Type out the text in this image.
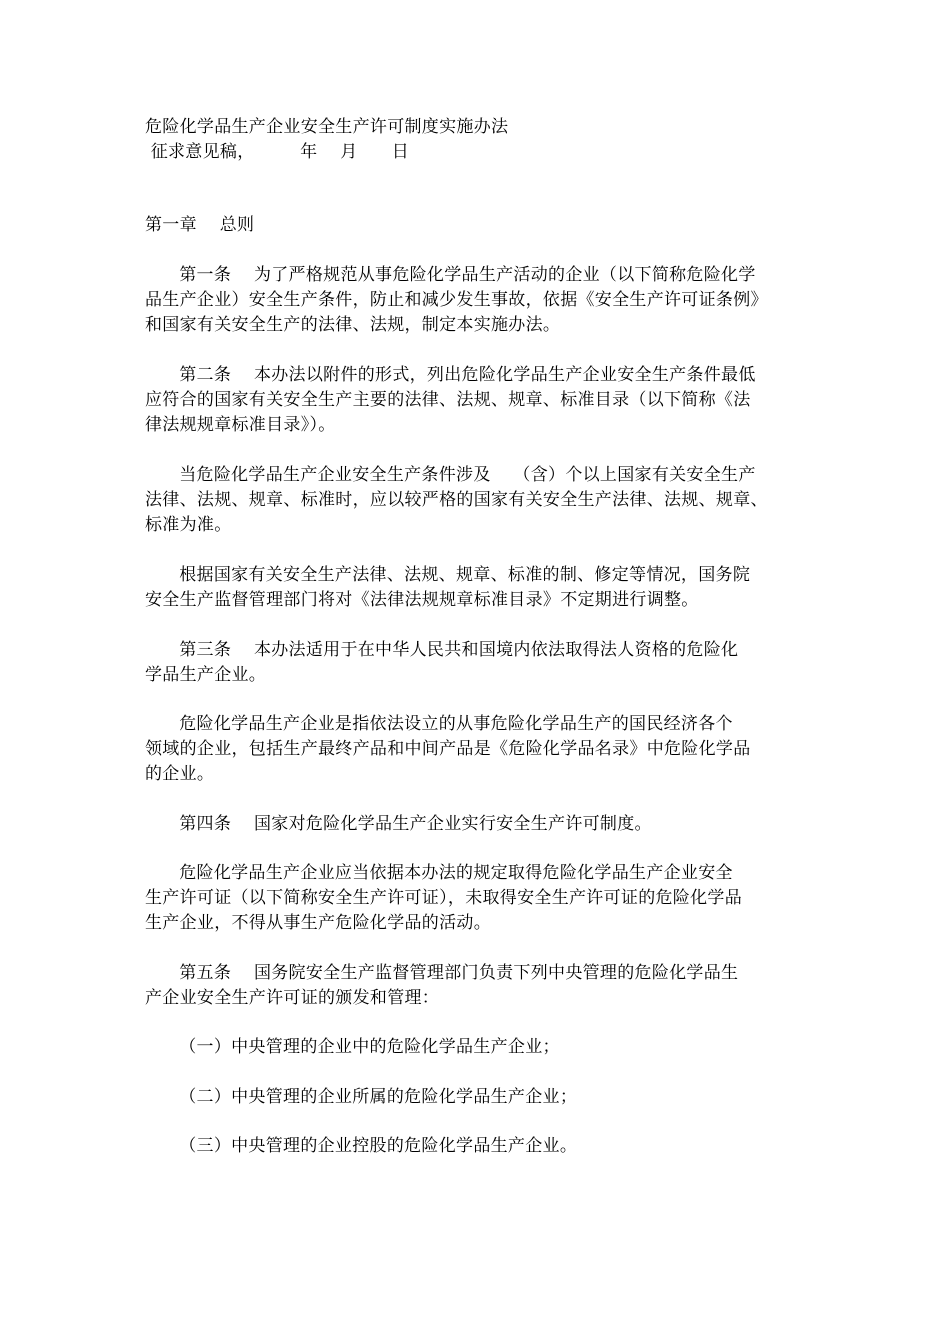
危险化学品生产企业安全生产许可制度实施办法
征求意见稿，        年    月      日
第一章    总则
第一条    为了严格规范从事危险化学品生产活动的企业（以下简称危险化学
品生产企业）安全生产条件，防止和减少发生事故，依据《安全生产许可证条例》
和国家有关安全生产的法律、法规，制定本实施办法。
第二条    本办法以附件的形式，列出危险化学品生产企业安全生产条件最低
应符合的国家有关安全生产主要的法律、法规、规章、标准目录（以下简称《法
律法规规章标准目录》）。
当危险化学品生产企业安全生产条件涉及    （含）个以上国家有关安全生产
法律、法规、规章、标准时，应以较严格的国家有关安全生产法律、法规、规章、
标准为准。
根据国家有关安全生产法律、法规、规章、标准的制、修定等情况，国务院
安全生产监督管理部门将对《法律法规规章标准目录》不定期进行调整。
第三条    本办法适用于在中华人民共和国境内依法取得法人资格的危险化
学品生产企业。
危险化学品生产企业是指依法设立的从事危险化学品生产的国民经济各个
领域的企业，包括生产最终产品和中间产品是《危险化学品名录》中危险化学品
的企业。
第四条    国家对危险化学品生产企业实行安全生产许可制度。
危险化学品生产企业应当依据本办法的规定取得危险化学品生产企业安全
生产许可证（以下简称安全生产许可证），未取得安全生产许可证的危险化学品
生产企业，不得从事生产危险化学品的活动。
第五条    国务院安全生产监督管理部门负责下列中央管理的危险化学品生
产企业安全生产许可证的颁发和管理：
（一）中央管理的企业中的危险化学品生产企业；
（二）中央管理的企业所属的危险化学品生产企业；
（三）中央管理的企业控股的危险化学品生产企业。
